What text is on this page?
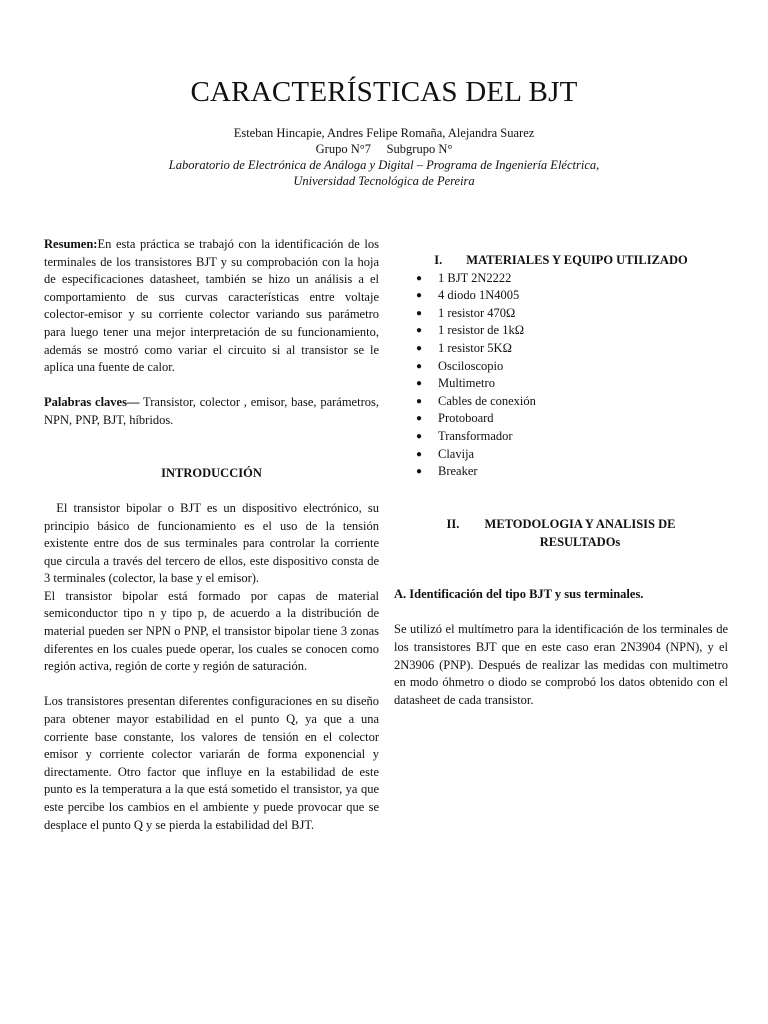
CARACTERÍSTICAS DEL BJT
Esteban Hincapie, Andres Felipe Romaña, Alejandra Suarez
Grupo N°7     Subgrupo N°
Laboratorio de Electrónica de Análoga y Digital – Programa de Ingeniería Eléctrica,
Universidad Tecnológica de Pereira

Resumen:En esta práctica se trabajó con la identificación de los terminales de los transistores BJT y su comprobación con la hoja de especificaciones datasheet, también se hizo un análisis a el comportamiento de sus curvas características entre voltaje colector-emisor y su corriente colector variando sus parámetro para luego tener una mejor interpretación de su funcionamiento, además se mostró como variar el circuito si al transistor se le aplica una fuente de calor.

Palabras claves— Transistor, colector , emisor, base, parámetros, NPN, PNP, BJT, híbridos.

INTRODUCCIÓN

El transistor bipolar o BJT es un dispositivo electrónico, su principio básico de funcionamiento es el uso de la tensión existente entre dos de sus terminales para controlar la corriente que circula a través del tercero de ellos, este dispositivo consta de 3 terminales (colector, la base y el emisor).

El transistor bipolar está formado por capas de material semiconductor tipo n y tipo p, de acuerdo a la distribución de material pueden ser NPN o PNP, el transistor bipolar tiene 3 zonas diferentes en los cuales puede operar, los cuales se conocen como región activa, región de corte y región de saturación.

Los transistores presentan diferentes configuraciones en su diseño para obtener mayor estabilidad en el punto Q, ya que a una corriente base constante, los valores de tensión en el colector emisor y corriente colector variarán de forma exponencial y directamente. Otro factor que influye en la estabilidad de este punto es la temperatura a la que está sometido el transistor, ya que este percibe los cambios en el ambiente y puede provocar que se desplace el punto Q y se pierda la estabilidad del BJT.

I. MATERIALES Y EQUIPO UTILIZADO
● 1 BJT 2N2222
● 4 diodo 1N4005
● 1 resistor 470Ω
● 1 resistor de 1kΩ
● 1 resistor 5KΩ
● Osciloscopio
● Multimetro
● Cables de conexión
● Protoboard
● Transformador
● Clavija
● Breaker
II. METODOLOGIA Y ANALISIS DE
RESULTADOs
A. Identificación del tipo BJT y sus terminales.

Se utilizó el multímetro para la identificación de los terminales de los transistores BJT que en este caso eran 2N3904 (NPN), y el 2N3906 (PNP). Después de realizar las medidas con multimetro en modo óhmetro o diodo se comprobó los datos obtenido con el datasheet de cada transistor.
